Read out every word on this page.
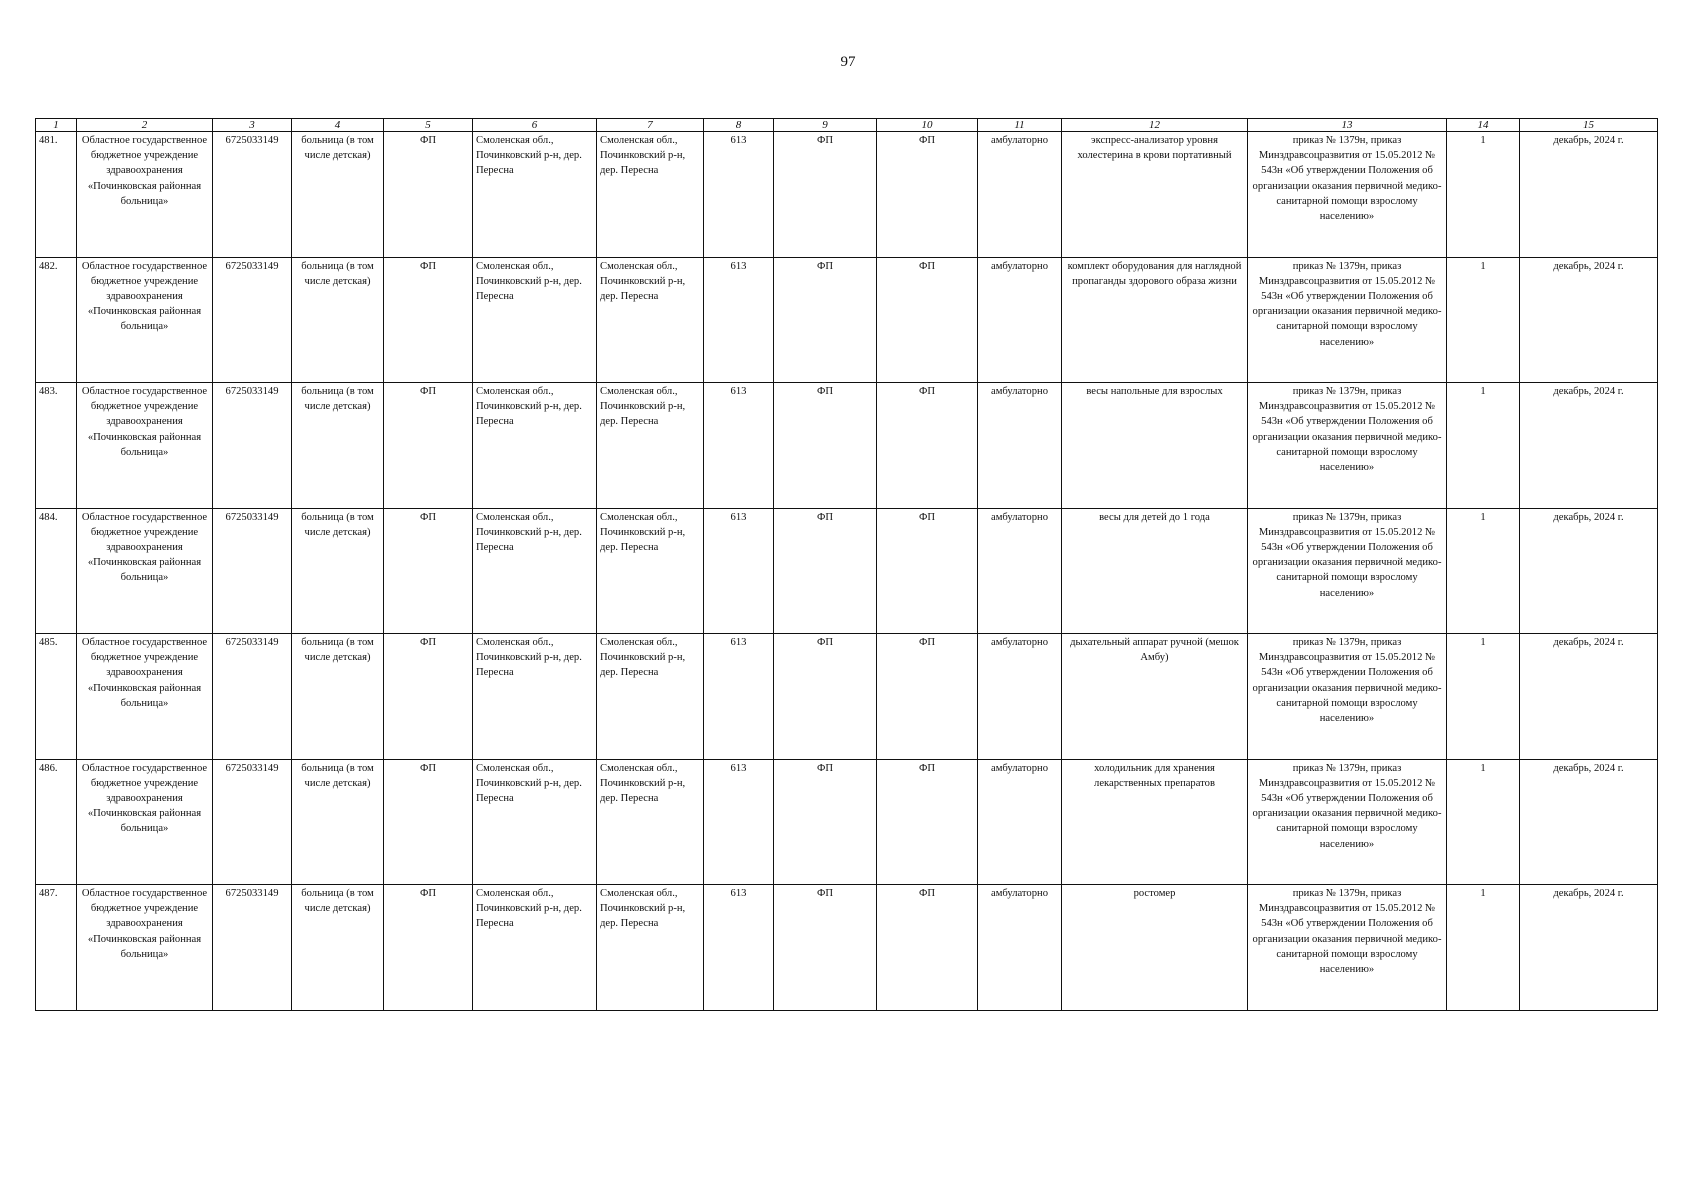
97
1	2	3	4	5	6	7	8	9	10	11	12	13	14	15
481.	Областное государственное бюджетное учреждение здравоохранения «Починковская районная больница»	6725033149	больница (в том числе детская)	ФП	Смоленская обл., Починковский р-н, дер. Пересна	Смоленская обл., Починковский р-н, дер. Пересна	613	ФП	ФП	амбулаторно	экспресс-анализатор уровня холестерина в крови портативный	приказ № 1379н, приказ Минздравсоцразвития от 15.05.2012 № 543н «Об утверждении Положения об организации оказания первичной медико-санитарной помощи взрослому населению»	1	декабрь, 2024 г.
482.	Областное государственное бюджетное учреждение здравоохранения «Починковская районная больница»	6725033149	больница (в том числе детская)	ФП	Смоленская обл., Починковский р-н, дер. Пересна	Смоленская обл., Починковский р-н, дер. Пересна	613	ФП	ФП	амбулаторно	комплект оборудования для наглядной пропаганды здорового образа жизни	приказ № 1379н, приказ Минздравсоцразвития от 15.05.2012 № 543н «Об утверждении Положения об организации оказания первичной медико-санитарной помощи взрослому населению»	1	декабрь, 2024 г.
483.	Областное государственное бюджетное учреждение здравоохранения «Починковская районная больница»	6725033149	больница (в том числе детская)	ФП	Смоленская обл., Починковский р-н, дер. Пересна	Смоленская обл., Починковский р-н, дер. Пересна	613	ФП	ФП	амбулаторно	весы напольные для взрослых	приказ № 1379н, приказ Минздравсоцразвития от 15.05.2012 № 543н «Об утверждении Положения об организации оказания первичной медико-санитарной помощи взрослому населению»	1	декабрь, 2024 г.
484.	Областное государственное бюджетное учреждение здравоохранения «Починковская районная больница»	6725033149	больница (в том числе детская)	ФП	Смоленская обл., Починковский р-н, дер. Пересна	Смоленская обл., Починковский р-н, дер. Пересна	613	ФП	ФП	амбулаторно	весы для детей до 1 года	приказ № 1379н, приказ Минздравсоцразвития от 15.05.2012 № 543н «Об утверждении Положения об организации оказания первичной медико-санитарной помощи взрослому населению»	1	декабрь, 2024 г.
485.	Областное государственное бюджетное учреждение здравоохранения «Починковская районная больница»	6725033149	больница (в том числе детская)	ФП	Смоленская обл., Починковский р-н, дер. Пересна	Смоленская обл., Починковский р-н, дер. Пересна	613	ФП	ФП	амбулаторно	дыхательный аппарат ручной (мешок Амбу)	приказ № 1379н, приказ Минздравсоцразвития от 15.05.2012 № 543н «Об утверждении Положения об организации оказания первичной медико-санитарной помощи взрослому населению»	1	декабрь, 2024 г.
486.	Областное государственное бюджетное учреждение здравоохранения «Починковская районная больница»	6725033149	больница (в том числе детская)	ФП	Смоленская обл., Починковский р-н, дер. Пересна	Смоленская обл., Починковский р-н, дер. Пересна	613	ФП	ФП	амбулаторно	холодильник для хранения лекарственных препаратов	приказ № 1379н, приказ Минздравсоцразвития от 15.05.2012 № 543н «Об утверждении Положения об организации оказания первичной медико-санитарной помощи взрослому населению»	1	декабрь, 2024 г.
487.	Областное государственное бюджетное учреждение здравоохранения «Починковская районная больница»	6725033149	больница (в том числе детская)	ФП	Смоленская обл., Починковский р-н, дер. Пересна	Смоленская обл., Починковский р-н, дер. Пересна	613	ФП	ФП	амбулаторно	ростомер	приказ № 1379н, приказ Минздравсоцразвития от 15.05.2012 № 543н «Об утверждении Положения об организации оказания первичной медико-санитарной помощи взрослому населению»	1	декабрь, 2024 г.
